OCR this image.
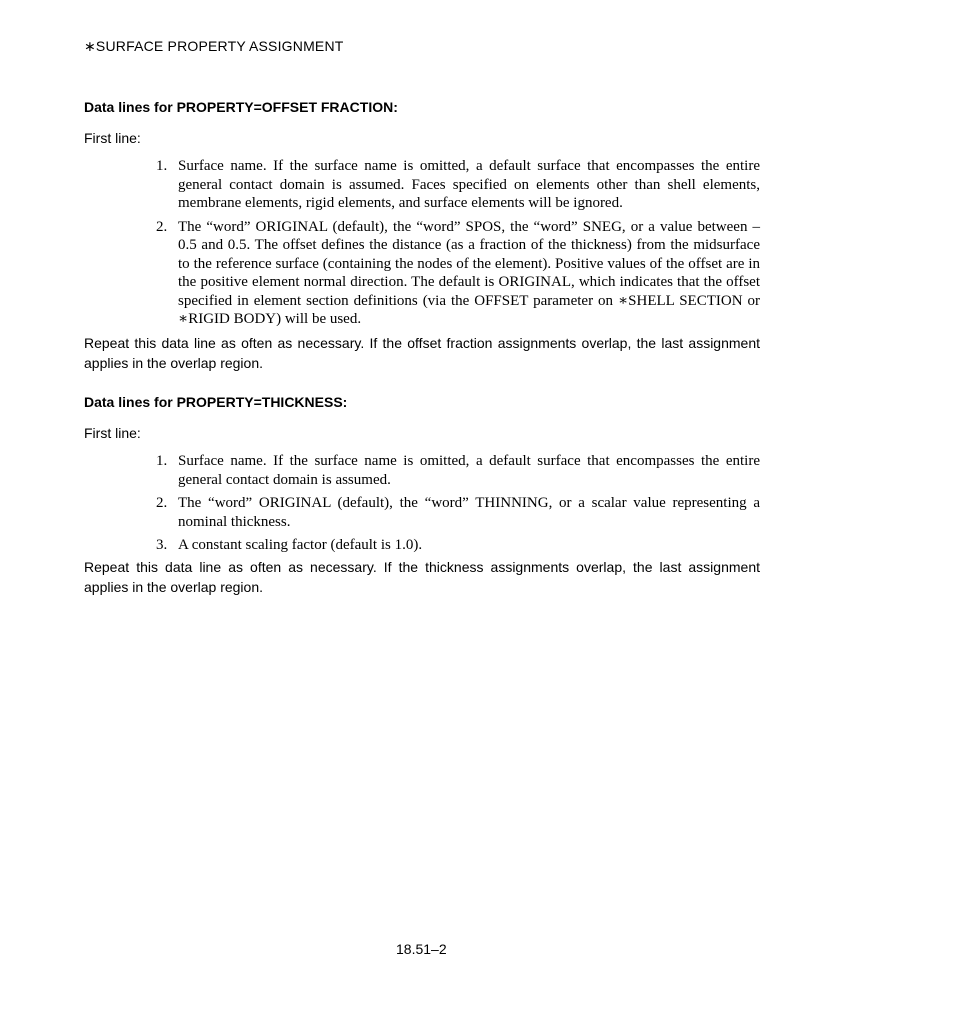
∗SURFACE PROPERTY ASSIGNMENT
Data lines for PROPERTY=OFFSET FRACTION:
First line:
1. Surface name. If the surface name is omitted, a default surface that encompasses the entire general contact domain is assumed. Faces specified on elements other than shell elements, membrane elements, rigid elements, and surface elements will be ignored.
2. The “word” ORIGINAL (default), the “word” SPOS, the “word” SNEG, or a value between –0.5 and 0.5. The offset defines the distance (as a fraction of the thickness) from the midsurface to the reference surface (containing the nodes of the element). Positive values of the offset are in the positive element normal direction. The default is ORIGINAL, which indicates that the offset specified in element section definitions (via the OFFSET parameter on ∗SHELL SECTION or ∗RIGID BODY) will be used.
Repeat this data line as often as necessary. If the offset fraction assignments overlap, the last assignment applies in the overlap region.
Data lines for PROPERTY=THICKNESS:
First line:
1. Surface name. If the surface name is omitted, a default surface that encompasses the entire general contact domain is assumed.
2. The “word” ORIGINAL (default), the “word” THINNING, or a scalar value representing a nominal thickness.
3. A constant scaling factor (default is 1.0).
Repeat this data line as often as necessary. If the thickness assignments overlap, the last assignment applies in the overlap region.
18.51–2
